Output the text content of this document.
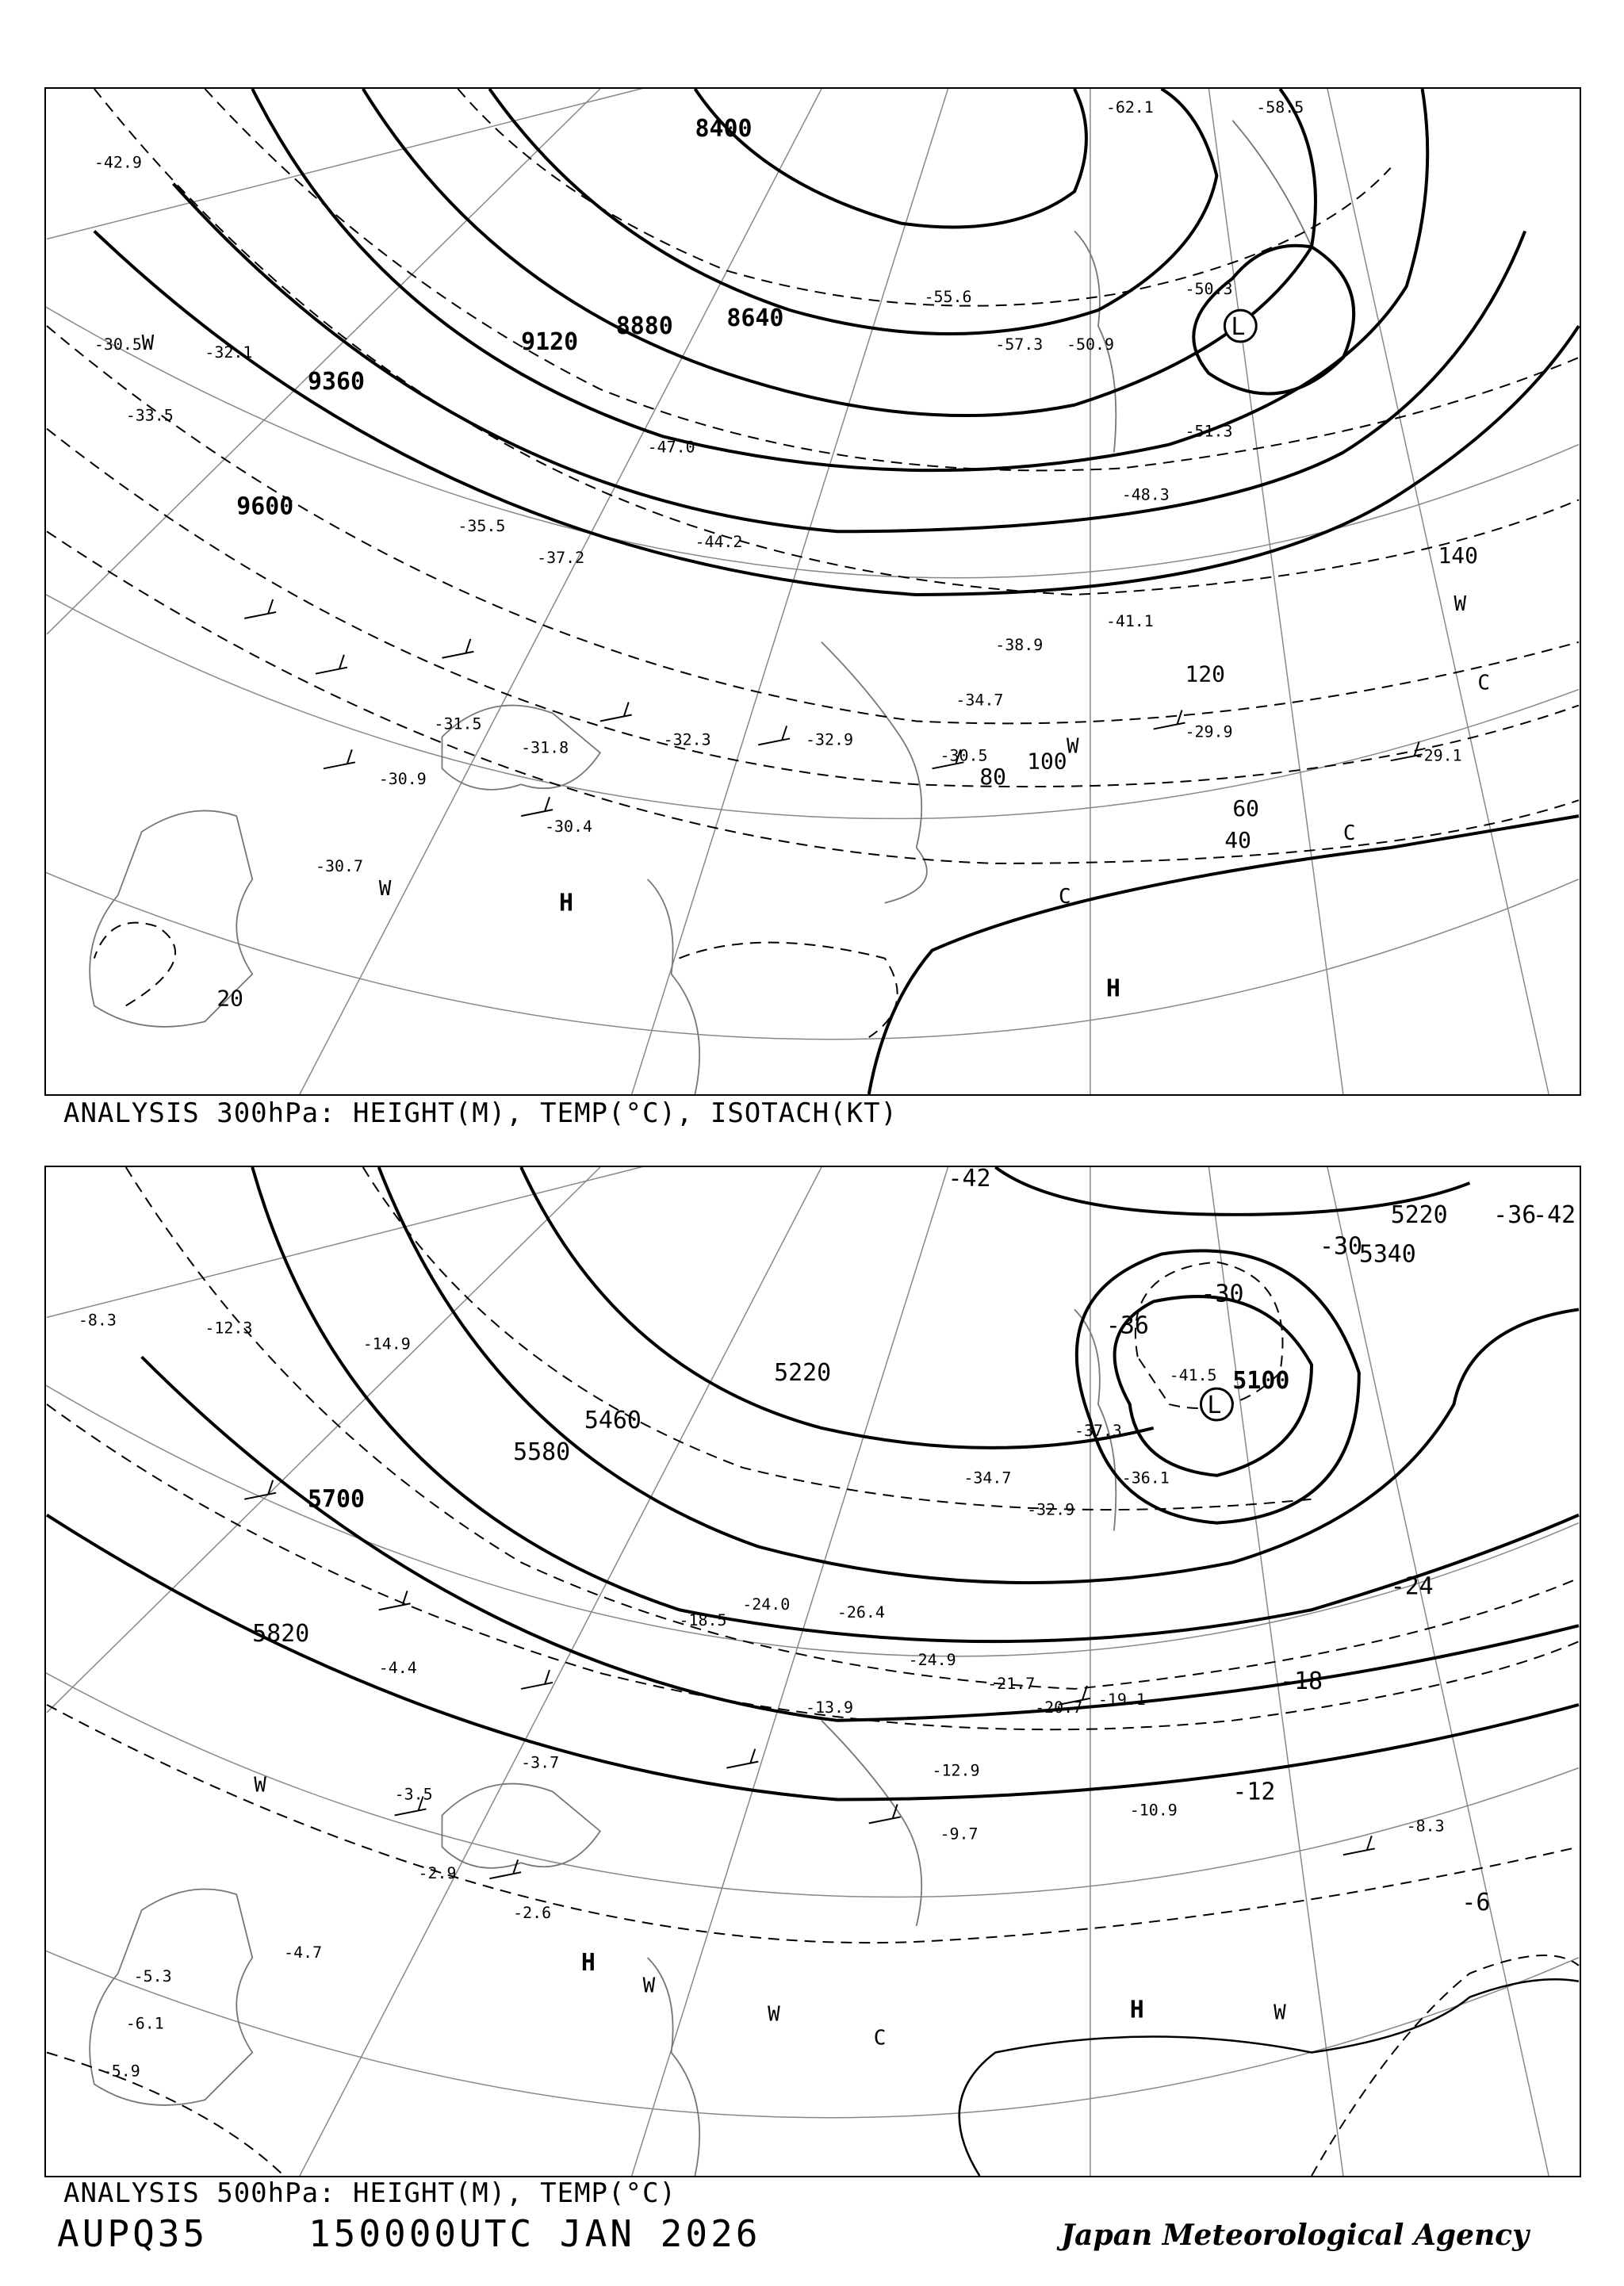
8400
8640
8880
9120
9360
9600
20
40
60
80
100
120
140
-30.5	-32.1
-33.5
-35.5
-37.2
-42.9
-44.2
-47.0
-48.3
-50.3
-51.3
-55.6
-31.5
-31.8	-32.3	-32.9
-30.9
-30.4
-30.7
-29.9
-29.1
-41.1
-38.9
-34.7
-30.5
-57.3 -50.9
-62.1	-58.5
L
H
H
W
W
W
C
C
C
W
ANALYSIS 300hPa: HEIGHT(M), TEMP(°C), ISOTACH(KT)
5100
5220
5340
5460
5580
5700
5820
5220
-42
-36
-30
-24
-18
-12
-6
-36
-30
-42
-41.5
-36.1
-37.3
-34.7
-32.9
-26.4
-24.9
-21.7
-20.7 -19.1
-13.9
-12.9
-10.9
-9.7	-8.3
-4.4
-3.7
-3.5
-2.9
-2.6
-4.7
-5.3
-6.1
-5.9
-8.3	-12.3
-14.9
-18.5
-24.0
L
H
H
W
W
W
C
W
ANALYSIS 500hPa: HEIGHT(M), TEMP(°C)
AUPQ35	150000UTC JAN 2026	Japan Meteorological Agency
